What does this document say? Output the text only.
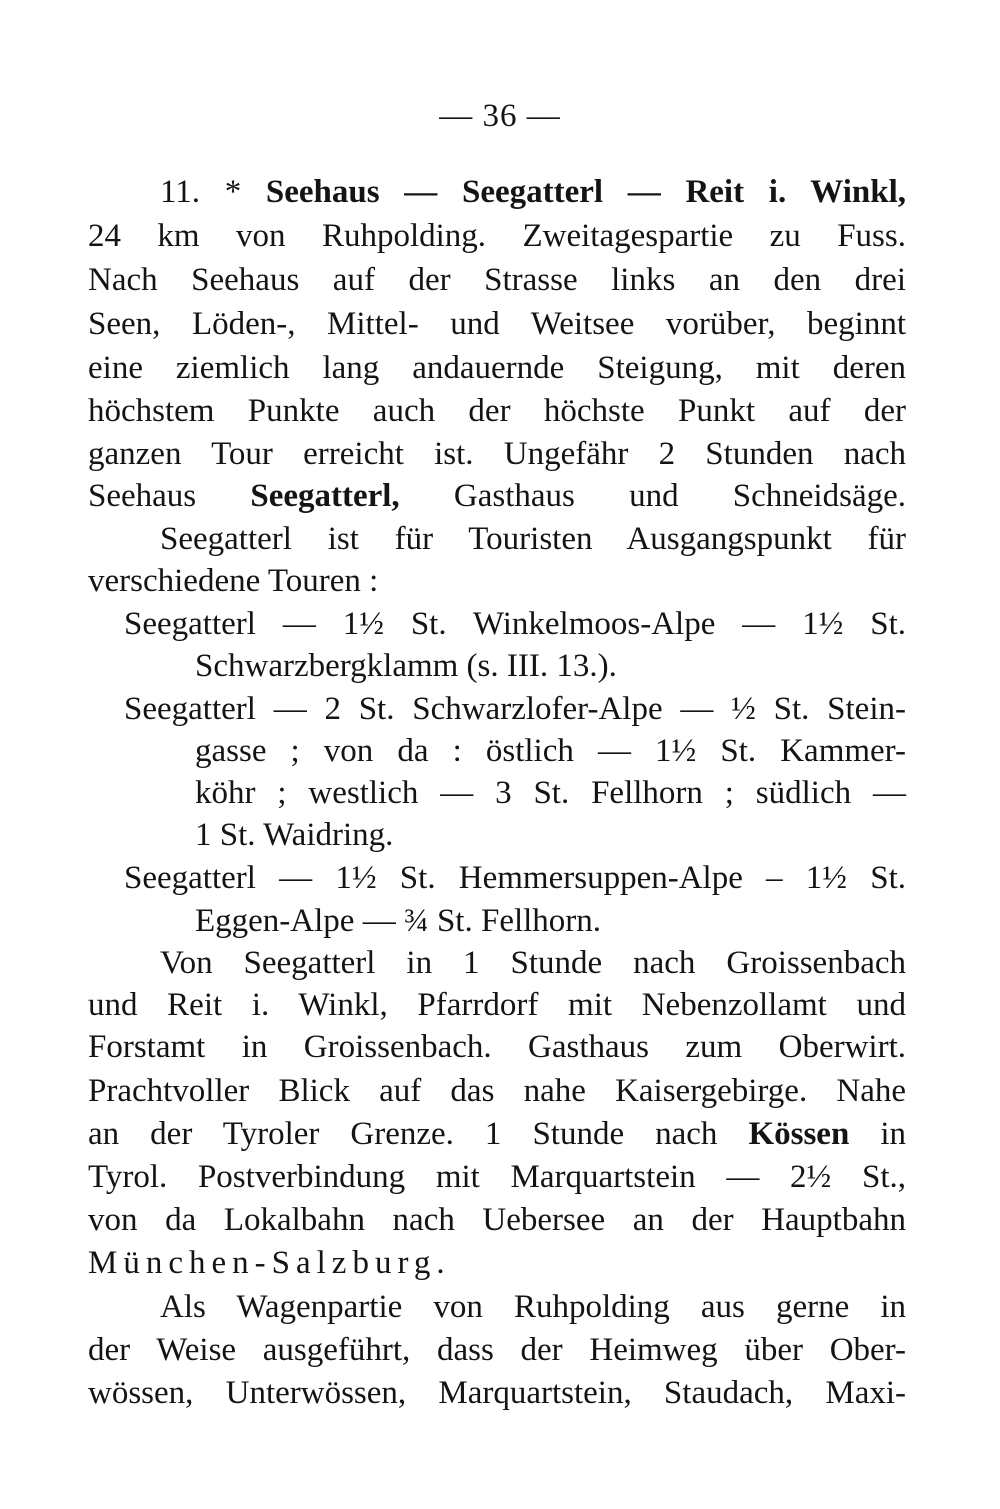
— 36 —
11. * Seehaus — Seegatterl — Reit i. Winkl,
24 km von Ruhpolding. Zweitagespartie zu Fuss.
Nach Seehaus auf der Strasse links an den drei
Seen, Löden-, Mittel- und Weitsee vorüber, beginnt
eine ziemlich lang andauernde Steigung, mit deren
höchstem Punkte auch der höchste Punkt auf der
ganzen Tour erreicht ist. Ungefähr 2 Stunden nach
Seehaus Seegatterl, Gasthaus und Schneidsäge.
Seegatterl ist für Touristen Ausgangspunkt für
verschiedene Touren :
Seegatterl — 1½ St. Winkelmoos-Alpe — 1½ St.
Schwarzbergklamm (s. III. 13.).
Seegatterl — 2 St. Schwarzlofer-Alpe — ½ St. Stein-
gasse ; von da : östlich — 1½ St. Kammer-
köhr ; westlich — 3 St. Fellhorn ; südlich —
1 St. Waidring.
Seegatterl — 1½ St. Hemmersuppen-Alpe – 1½ St.
Eggen-Alpe — ¾ St. Fellhorn.
Von Seegatterl in 1 Stunde nach Groissenbach
und Reit i. Winkl, Pfarrdorf mit Nebenzollamt und
Forstamt in Groissenbach. Gasthaus zum Oberwirt.
Prachtvoller Blick auf das nahe Kaisergebirge. Nahe
an der Tyroler Grenze. 1 Stunde nach Kössen in
Tyrol. Postverbindung mit Marquartstein — 2½ St.,
von da Lokalbahn nach Uebersee an der Hauptbahn
München-Salzburg.
Als Wagenpartie von Ruhpolding aus gerne in
der Weise ausgeführt, dass der Heimweg über Ober-
wössen, Unterwössen, Marquartstein, Staudach, Maxi-
